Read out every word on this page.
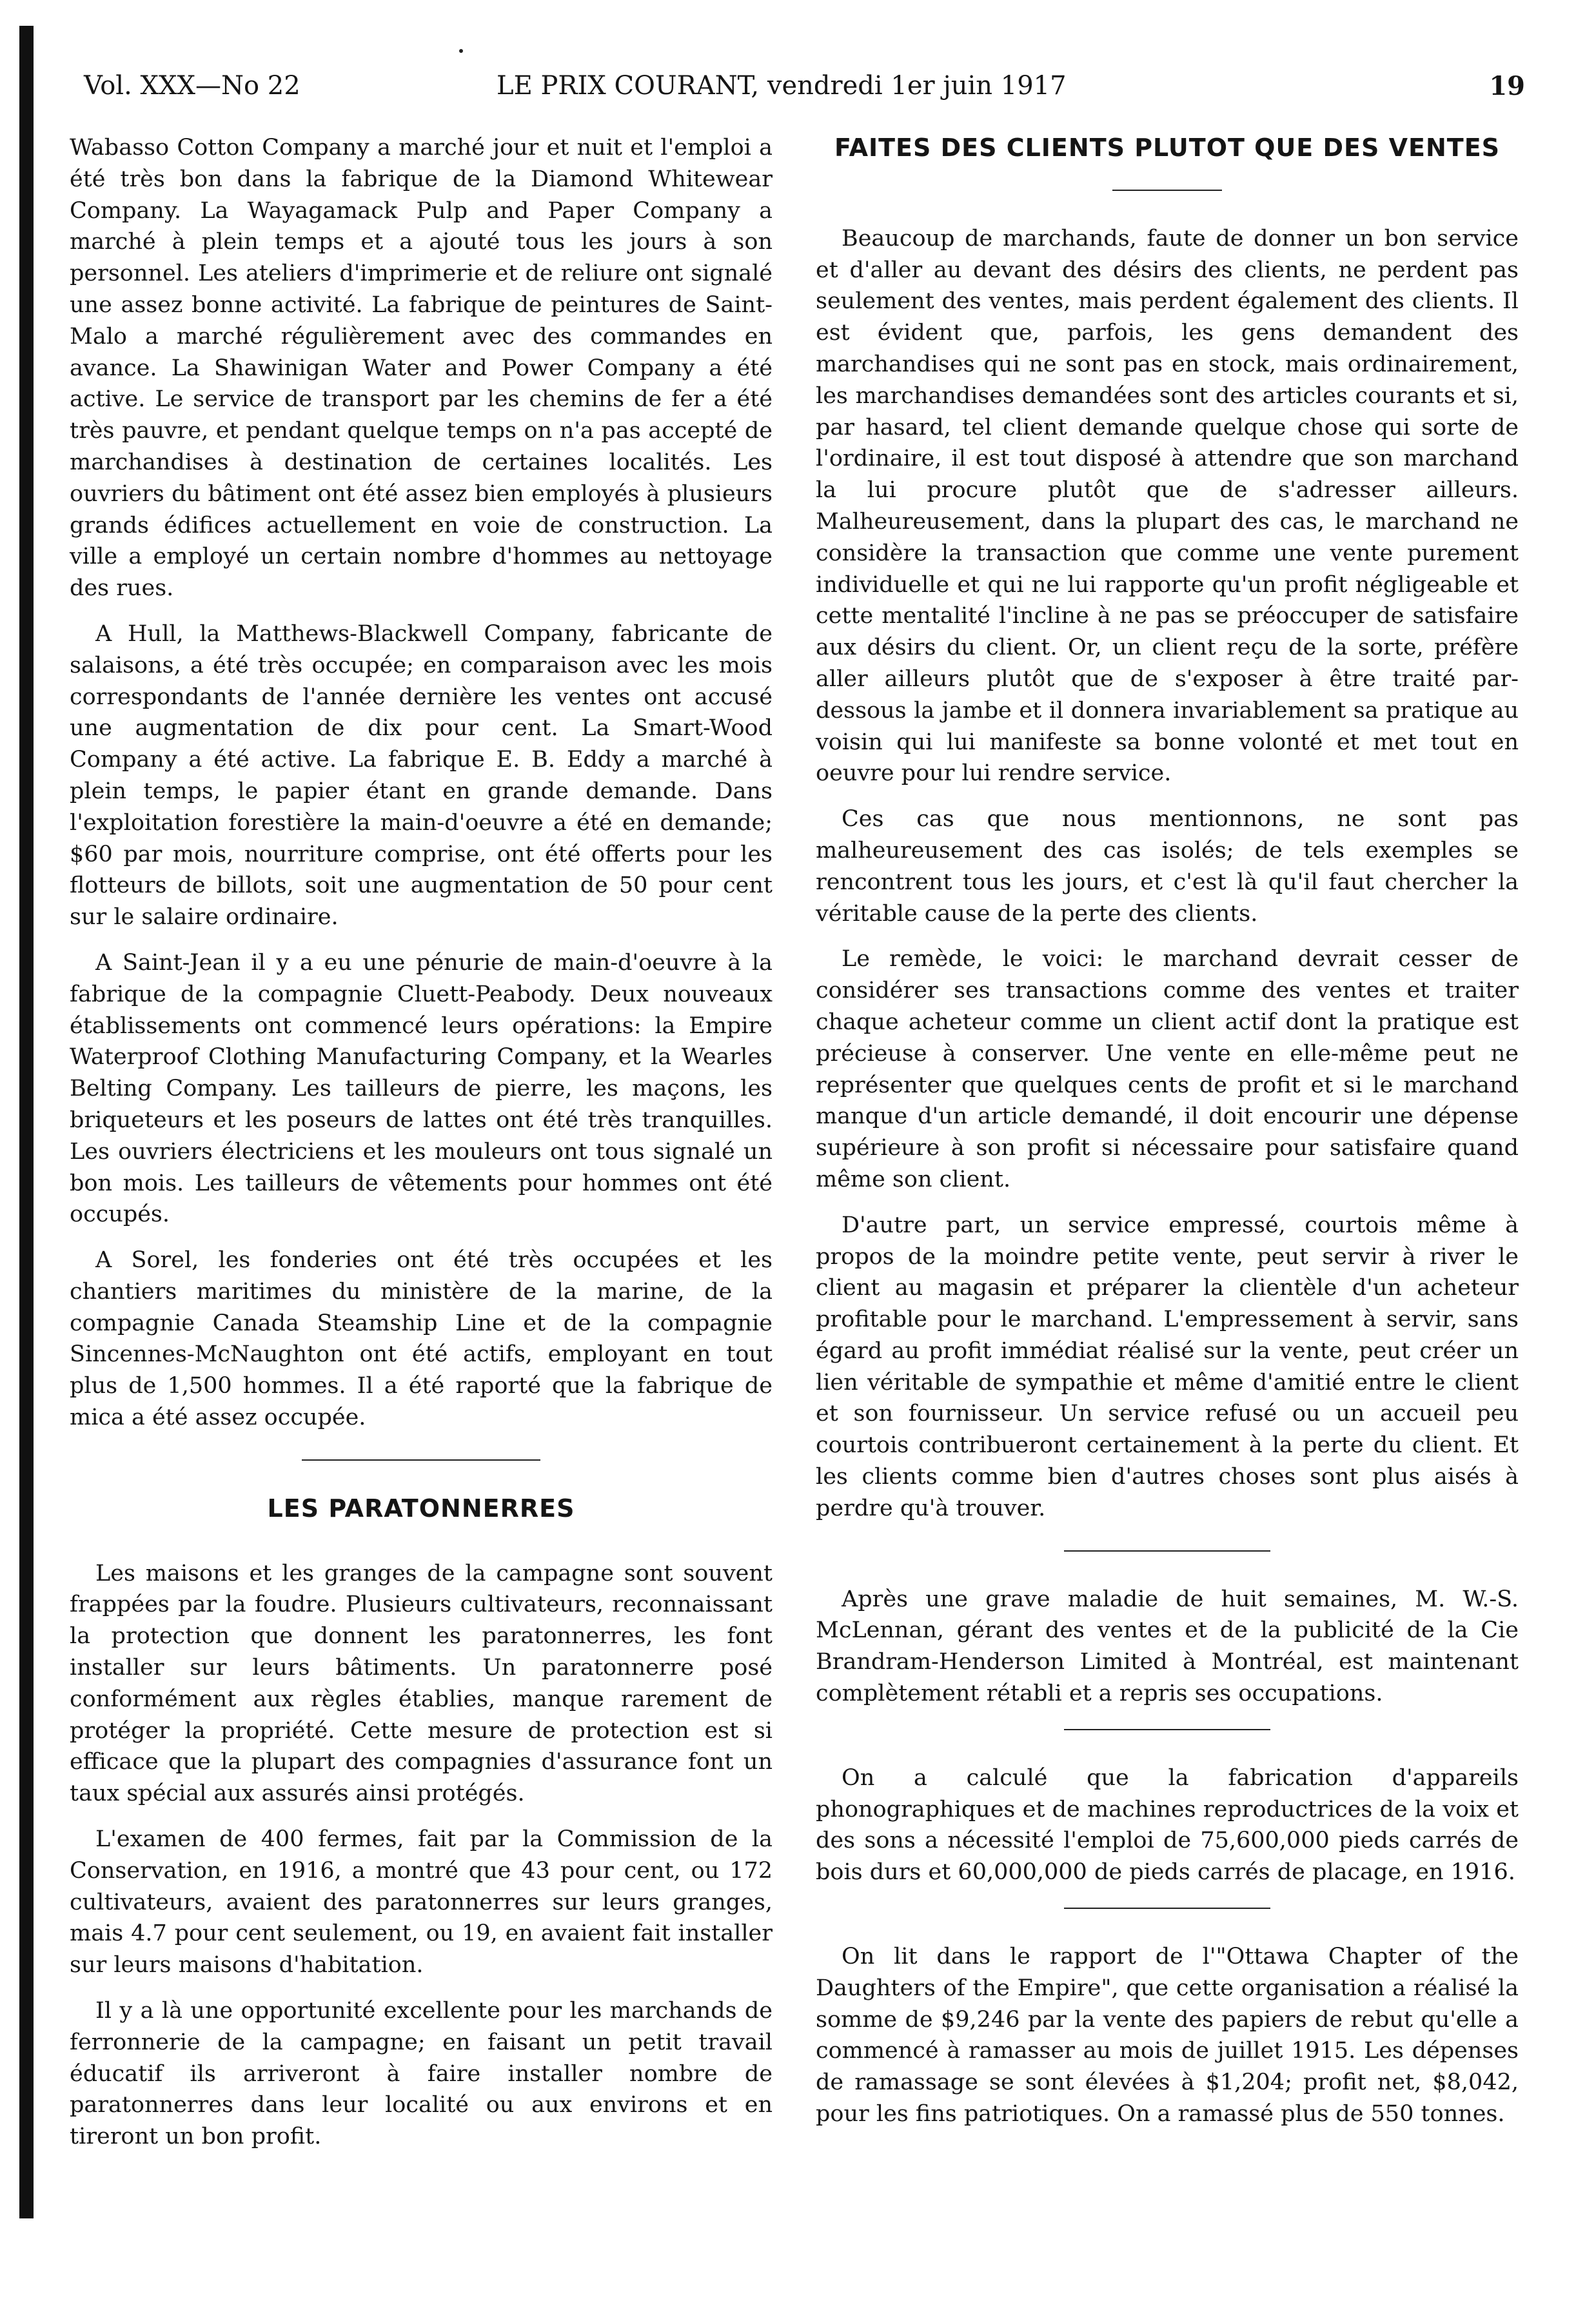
Vol. XXX—No 22	LE PRIX COURANT, vendredi 1er juin 1917	19

Wabasso Cotton Company a marché jour et nuit et l'emploi a été très bon dans la fabrique de la Diamond Whitewear Company. La Wayagamack Pulp and Paper Company a marché à plein temps et a ajouté tous les jours à son personnel. Les ateliers d'imprimerie et de reliure ont signalé une assez bonne activité. La fabrique de peintures de Saint-Malo a marché régulièrement avec des commandes en avance. La Shawinigan Water and Power Company a été active. Le service de transport par les chemins de fer a été très pauvre, et pendant quelque temps on n'a pas accepté de marchandises à destination de certaines localités. Les ouvriers du bâtiment ont été assez bien employés à plusieurs grands édifices actuellement en voie de construction. La ville a employé un certain nombre d'hommes au nettoyage des rues.

A Hull, la Matthews-Blackwell Company, fabricante de salaisons, a été très occupée; en comparaison avec les mois correspondants de l'année dernière les ventes ont accusé une augmentation de dix pour cent. La Smart-Wood Company a été active. La fabrique E. B. Eddy a marché à plein temps, le papier étant en grande demande. Dans l'exploitation forestière la main-d'oeuvre a été en demande; $60 par mois, nourriture comprise, ont été offerts pour les flotteurs de billots, soit une augmentation de 50 pour cent sur le salaire ordinaire.

A Saint-Jean il y a eu une pénurie de main-d'oeuvre à la fabrique de la compagnie Cluett-Peabody. Deux nouveaux établissements ont commencé leurs opérations: la Empire Waterproof Clothing Manufacturing Company, et la Wearles Belting Company. Les tailleurs de pierre, les maçons, les briqueteurs et les poseurs de lattes ont été très tranquilles. Les ouvriers électriciens et les mouleurs ont tous signalé un bon mois. Les tailleurs de vêtements pour hommes ont été occupés.

A Sorel, les fonderies ont été très occupées et les chantiers maritimes du ministère de la marine, de la compagnie Canada Steamship Line et de la compagnie Sincennes-McNaughton ont été actifs, employant en tout plus de 1,500 hommes. Il a été raporté que la fabrique de mica a été assez occupée.

LES PARATONNERRES

Les maisons et les granges de la campagne sont souvent frappées par la foudre. Plusieurs cultivateurs, reconnaissant la protection que donnent les paratonnerres, les font installer sur leurs bâtiments. Un paratonnerre posé conformément aux règles établies, manque rarement de protéger la propriété. Cette mesure de protection est si efficace que la plupart des compagnies d'assurance font un taux spécial aux assurés ainsi protégés.

L'examen de 400 fermes, fait par la Commission de la Conservation, en 1916, a montré que 43 pour cent, ou 172 cultivateurs, avaient des paratonnerres sur leurs granges, mais 4.7 pour cent seulement, ou 19, en avaient fait installer sur leurs maisons d'habitation.

Il y a là une opportunité excellente pour les marchands de ferronnerie de la campagne; en faisant un petit travail éducatif ils arriveront à faire installer nombre de paratonnerres dans leur localité ou aux environs et en tireront un bon profit.

FAITES DES CLIENTS PLUTOT QUE DES VENTES

Beaucoup de marchands, faute de donner un bon service et d'aller au devant des désirs des clients, ne perdent pas seulement des ventes, mais perdent également des clients. Il est évident que, parfois, les gens demandent des marchandises qui ne sont pas en stock, mais ordinairement, les marchandises demandées sont des articles courants et si, par hasard, tel client demande quelque chose qui sorte de l'ordinaire, il est tout disposé à attendre que son marchand la lui procure plutôt que de s'adresser ailleurs. Malheureusement, dans la plupart des cas, le marchand ne considère la transaction que comme une vente purement individuelle et qui ne lui rapporte qu'un profit négligeable et cette mentalité l'incline à ne pas se préoccuper de satisfaire aux désirs du client. Or, un client reçu de la sorte, préfère aller ailleurs plutôt que de s'exposer à être traité par-dessous la jambe et il donnera invariablement sa pratique au voisin qui lui manifeste sa bonne volonté et met tout en oeuvre pour lui rendre service.

Ces cas que nous mentionnons, ne sont pas malheureusement des cas isolés; de tels exemples se rencontrent tous les jours, et c'est là qu'il faut chercher la véritable cause de la perte des clients.

Le remède, le voici: le marchand devrait cesser de considérer ses transactions comme des ventes et traiter chaque acheteur comme un client actif dont la pratique est précieuse à conserver. Une vente en elle-même peut ne représenter que quelques cents de profit et si le marchand manque d'un article demandé, il doit encourir une dépense supérieure à son profit si nécessaire pour satisfaire quand même son client.

D'autre part, un service empressé, courtois même à propos de la moindre petite vente, peut servir à river le client au magasin et préparer la clientèle d'un acheteur profitable pour le marchand. L'empressement à servir, sans égard au profit immédiat réalisé sur la vente, peut créer un lien véritable de sympathie et même d'amitié entre le client et son fournisseur. Un service refusé ou un accueil peu courtois contribueront certainement à la perte du client. Et les clients comme bien d'autres choses sont plus aisés à perdre qu'à trouver.

Après une grave maladie de huit semaines, M. W.-S. McLennan, gérant des ventes et de la publicité de la Cie Brandram-Henderson Limited à Montréal, est maintenant complètement rétabli et a repris ses occupations.

On a calculé que la fabrication d'appareils phonographiques et de machines reproductrices de la voix et des sons a nécessité l'emploi de 75,600,000 pieds carrés de bois durs et 60,000,000 de pieds carrés de placage, en 1916.

On lit dans le rapport de l'"Ottawa Chapter of the Daughters of the Empire", que cette organisation a réalisé la somme de $9,246 par la vente des papiers de rebut qu'elle a commencé à ramasser au mois de juillet 1915. Les dépenses de ramassage se sont élevées à $1,204; profit net, $8,042, pour les fins patriotiques. On a ramassé plus de 550 tonnes.
